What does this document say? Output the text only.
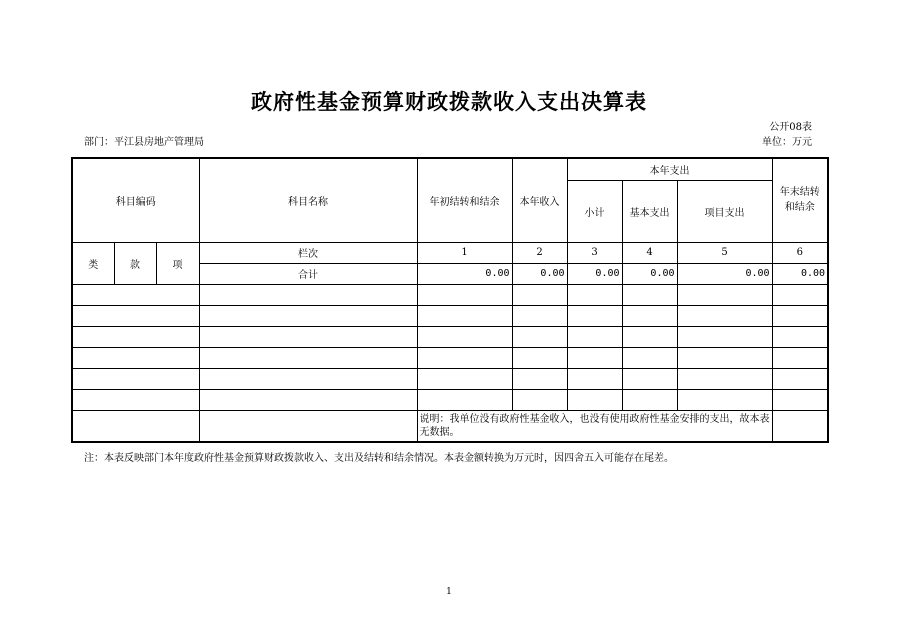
政府性基金预算财政拨款收入支出决算表
公开08表
部门：平江县房地产管理局	单位：万元
科目编码			科目名称	年初结转和结余	本年收入	本年支出			年末结转和结余
						小计	基本支出	项目支出	

类	款	项	栏次	1	2	3	4	5	6
			合计	0.00	0.00	0.00	0.00	0.00	0.00

				说明：我单位没有政府性基金收入，也没有使用政府性基金安排的支出，故本表无数据。					
注：本表反映部门本年度政府性基金预算财政拨款收入、支出及结转和结余情况。本表金额转换为万元时，因四舍五入可能存在尾差。
1
